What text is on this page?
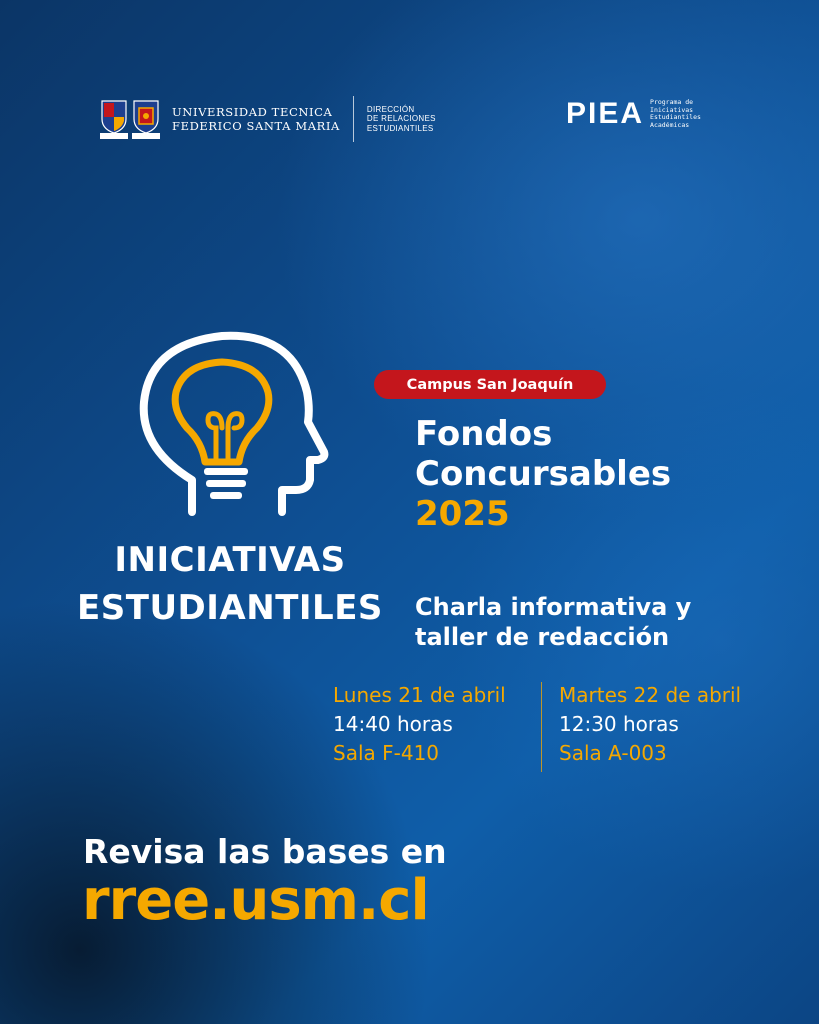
UNIVERSIDAD TECNICA
FEDERICO SANTA MARIA
DIRECCIÓN
DE RELACIONES
ESTUDIANTILES	PIEA Programa de
Iniciativas
Estudiantiles
Académicas
INICIATIVAS
ESTUDIANTILES
Campus San Joaquín
Fondos
Concursables
2025
Charla informativa y
taller de redacción
Lunes 21 de abril
14:40 horas
Sala F-410
Martes 22 de abril
12:30 horas
Sala A-003
Revisa las bases en
rree.usm.cl
